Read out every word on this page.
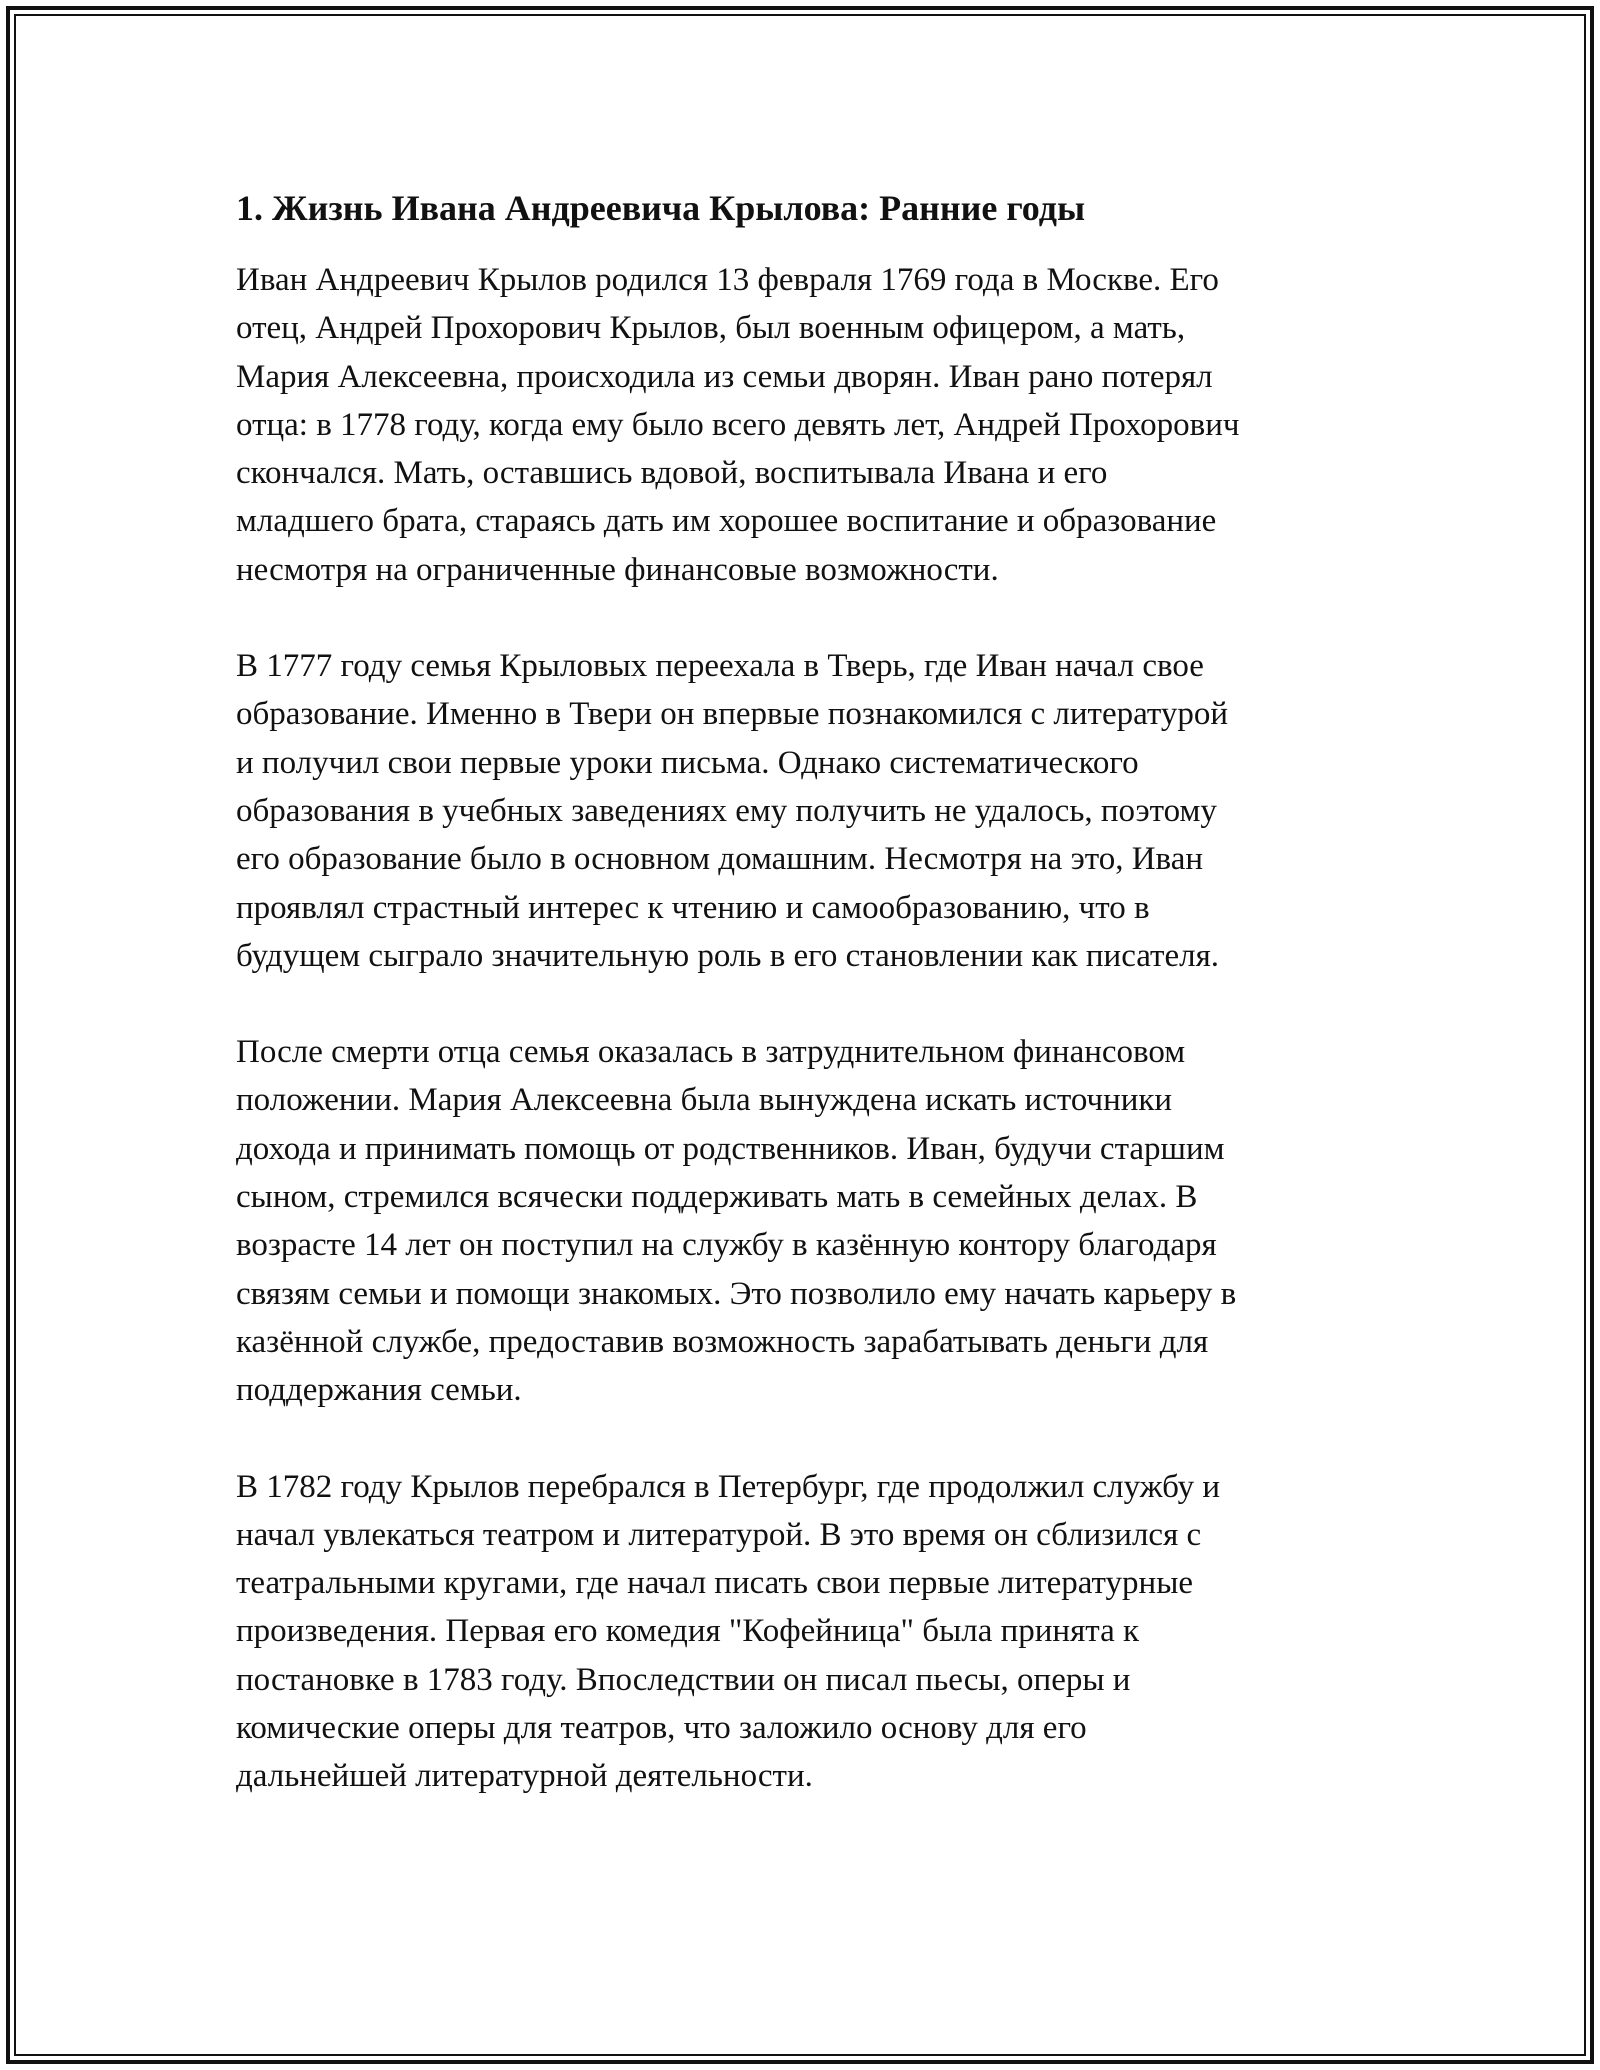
1. Жизнь Ивана Андреевича Крылова: Ранние годы

Иван Андреевич Крылов родился 13 февраля 1769 года в Москве. Его
отец, Андрей Прохорович Крылов, был военным офицером, а мать,
Мария Алексеевна, происходила из семьи дворян. Иван рано потерял
отца: в 1778 году, когда ему было всего девять лет, Андрей Прохорович
скончался. Мать, оставшись вдовой, воспитывала Ивана и его
младшего брата, стараясь дать им хорошее воспитание и образование
несмотря на ограниченные финансовые возможности.

В 1777 году семья Крыловых переехала в Тверь, где Иван начал свое
образование. Именно в Твери он впервые познакомился с литературой
и получил свои первые уроки письма. Однако систематического
образования в учебных заведениях ему получить не удалось, поэтому
его образование было в основном домашним. Несмотря на это, Иван
проявлял страстный интерес к чтению и самообразованию, что в
будущем сыграло значительную роль в его становлении как писателя.

После смерти отца семья оказалась в затруднительном финансовом
положении. Мария Алексеевна была вынуждена искать источники
дохода и принимать помощь от родственников. Иван, будучи старшим
сыном, стремился всячески поддерживать мать в семейных делах. В
возрасте 14 лет он поступил на службу в казённую контору благодаря
связям семьи и помощи знакомых. Это позволило ему начать карьеру в
казённой службе, предоставив возможность зарабатывать деньги для
поддержания семьи.

В 1782 году Крылов перебрался в Петербург, где продолжил службу и
начал увлекаться театром и литературой. В это время он сблизился с
театральными кругами, где начал писать свои первые литературные
произведения. Первая его комедия "Кофейница" была принята к
постановке в 1783 году. Впоследствии он писал пьесы, оперы и
комические оперы для театров, что заложило основу для его
дальнейшей литературной деятельности.
